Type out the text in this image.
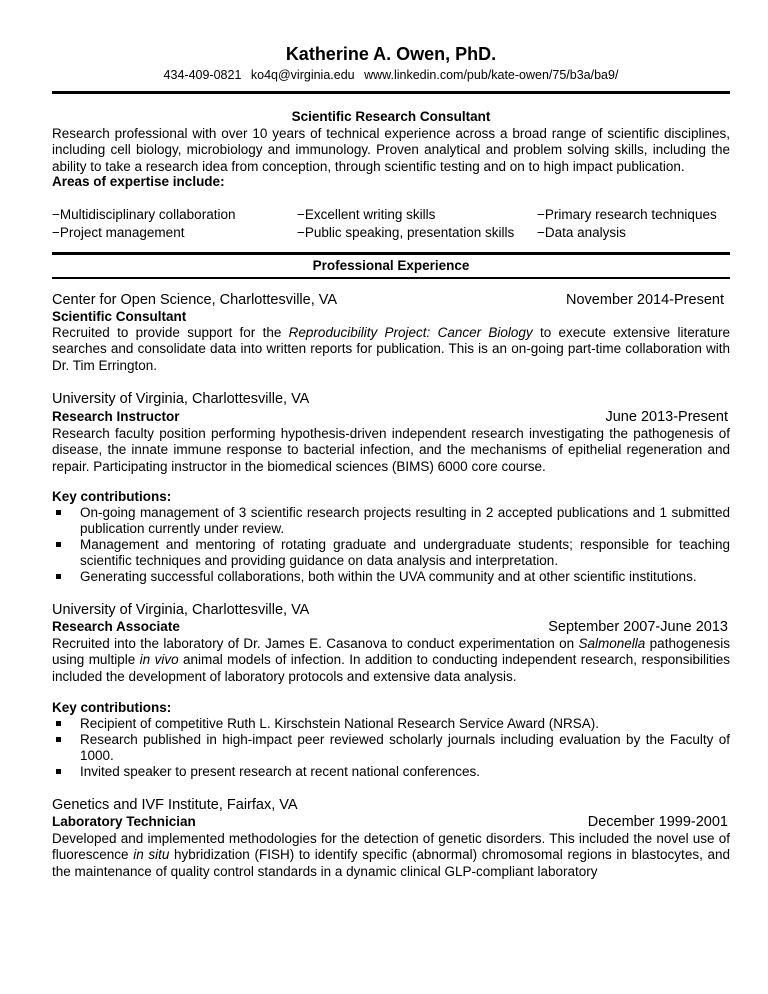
Katherine A. Owen, PhD.
434-409-0821 ko4q@virginia.edu www.linkedin.com/pub/kate-owen/75/b3a/ba9/
Scientific Research Consultant
Research professional with over 10 years of technical experience across a broad range of scientific disciplines, including cell biology, microbiology and immunology. Proven analytical and problem solving skills, including the ability to take a research idea from conception, through scientific testing and on to high impact publication.
Areas of expertise include:
−Multidisciplinary collaboration	−Excellent writing skills	−Primary research techniques
−Project management	−Public speaking, presentation skills −Data analysis
Professional Experience
Center for Open Science, Charlottesville, VA	November 2014-Present
Scientific Consultant
Recruited to provide support for the Reproducibility Project: Cancer Biology to execute extensive literature searches and consolidate data into written reports for publication. This is an on-going part-time collaboration with Dr. Tim Errington.
University of Virginia, Charlottesville, VA
Research Instructor	June 2013-Present
Research faculty position performing hypothesis-driven independent research investigating the pathogenesis of disease, the innate immune response to bacterial infection, and the mechanisms of epithelial regeneration and repair. Participating instructor in the biomedical sciences (BIMS) 6000 core course.
Key contributions:
On-going management of 3 scientific research projects resulting in 2 accepted publications and 1 submitted publication currently under review.
Management and mentoring of rotating graduate and undergraduate students; responsible for teaching scientific techniques and providing guidance on data analysis and interpretation.
Generating successful collaborations, both within the UVA community and at other scientific institutions.
University of Virginia, Charlottesville, VA
Research Associate	September 2007-June 2013
Recruited into the laboratory of Dr. James E. Casanova to conduct experimentation on Salmonella pathogenesis using multiple in vivo animal models of infection. In addition to conducting independent research, responsibilities included the development of laboratory protocols and extensive data analysis.
Key contributions:
Recipient of competitive Ruth L. Kirschstein National Research Service Award (NRSA).
Research published in high-impact peer reviewed scholarly journals including evaluation by the Faculty of 1000.
Invited speaker to present research at recent national conferences.
Genetics and IVF Institute, Fairfax, VA
Laboratory Technician	December 1999-2001
Developed and implemented methodologies for the detection of genetic disorders. This included the novel use of fluorescence in situ hybridization (FISH) to identify specific (abnormal) chromosomal regions in blastocytes, and the maintenance of quality control standards in a dynamic clinical GLP-compliant laboratory
